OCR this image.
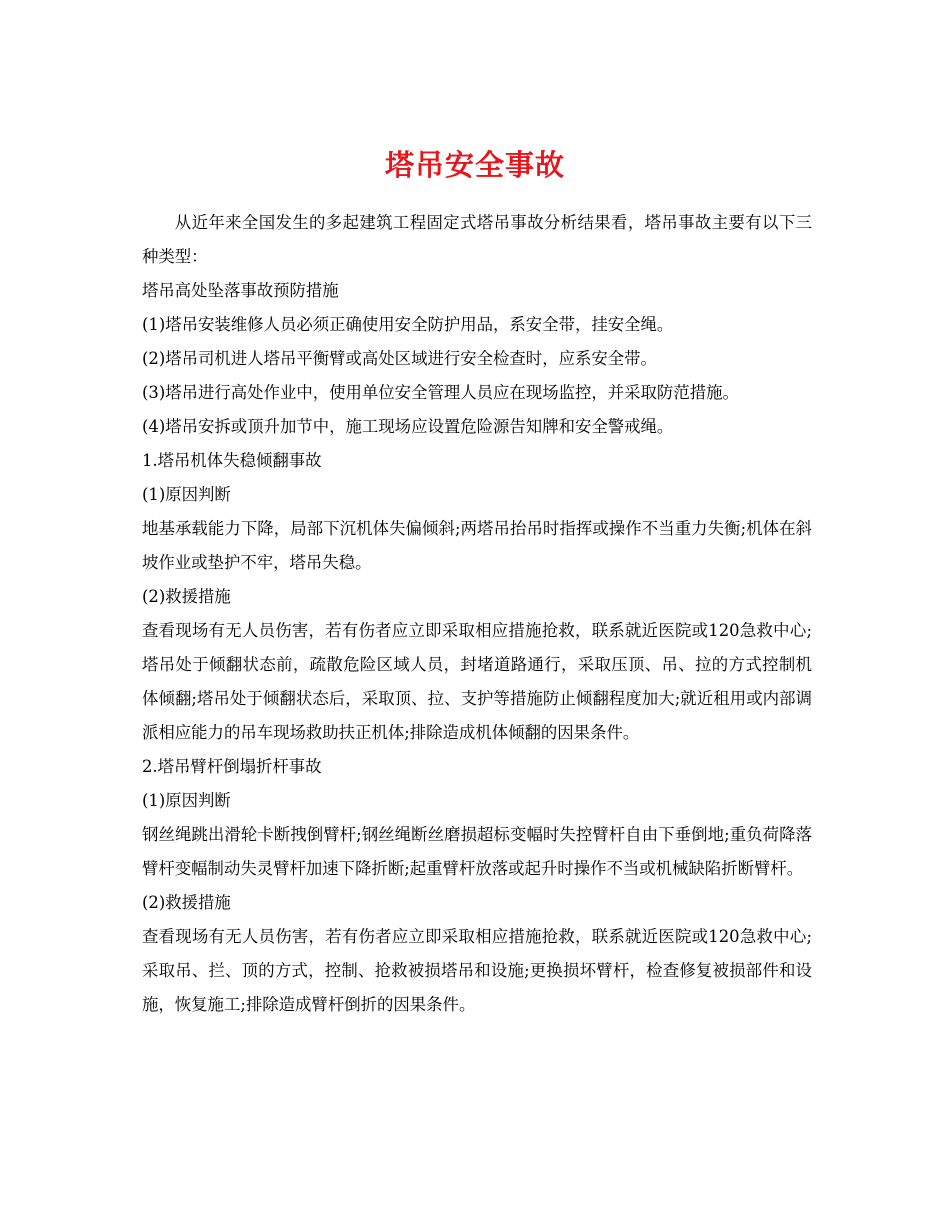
塔吊安全事故

从近年来全国发生的多起建筑工程固定式塔吊事故分析结果看，塔吊事故主要有以下三种类型：

塔吊高处坠落事故预防措施

(1)塔吊安装维修人员必须正确使用安全防护用品，系安全带，挂安全绳。

(2)塔吊司机进人塔吊平衡臂或高处区域进行安全检查时，应系安全带。

(3)塔吊进行高处作业中，使用单位安全管理人员应在现场监控，并采取防范措施。

(4)塔吊安拆或顶升加节中，施工现场应设置危险源告知牌和安全警戒绳。

1.塔吊机体失稳倾翻事故

(1)原因判断

地基承载能力下降，局部下沉机体失偏倾斜;两塔吊抬吊时指挥或操作不当重力失衡;机体在斜坡作业或垫护不牢，塔吊失稳。

(2)救援措施

查看现场有无人员伤害，若有伤者应立即采取相应措施抢救，联系就近医院或120急救中心;塔吊处于倾翻状态前，疏散危险区域人员，封堵道路通行，采取压顶、吊、拉的方式控制机体倾翻;塔吊处于倾翻状态后，采取顶、拉、支护等措施防止倾翻程度加大;就近租用或内部调派相应能力的吊车现场救助扶正机体;排除造成机体倾翻的因果条件。

2.塔吊臂杆倒塌折杆事故

(1)原因判断

钢丝绳跳出滑轮卡断拽倒臂杆;钢丝绳断丝磨损超标变幅时失控臂杆自由下垂倒地;重负荷降落臂杆变幅制动失灵臂杆加速下降折断;起重臂杆放落或起升时操作不当或机械缺陷折断臂杆。

(2)救援措施

查看现场有无人员伤害，若有伤者应立即采取相应措施抢救，联系就近医院或120急救中心;采取吊、拦、顶的方式，控制、抢救被损塔吊和设施;更换损坏臂杆，检查修复被损部件和设施，恢复施工;排除造成臂杆倒折的因果条件。
